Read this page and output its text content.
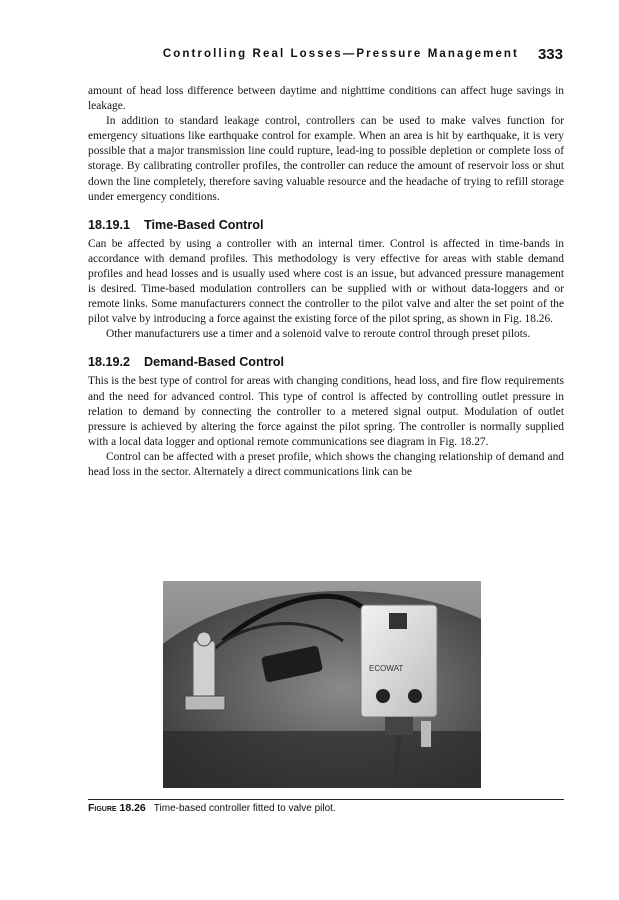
Controlling Real Losses—Pressure Management 333

amount of head loss difference between daytime and nighttime conditions can affect huge savings in leakage.

In addition to standard leakage control, controllers can be used to make valves function for emergency situations like earthquake control for example. When an area is hit by earthquake, it is very possible that a major transmission line could rupture, lead-ing to possible depletion or complete loss of storage. By calibrating controller profiles, the controller can reduce the amount of reservoir loss or shut down the line completely, therefore saving valuable resource and the headache of trying to refill storage under emergency conditions.

18.19.1 Time-Based Control

Can be affected by using a controller with an internal timer. Control is affected in time-bands in accordance with demand profiles. This methodology is very effective for areas with stable demand profiles and head losses and is usually used where cost is an issue, but advanced pressure management is desired. Time-based modulation controllers can be supplied with or without data-loggers and or remote links. Some manufacturers connect the controller to the pilot valve and alter the set point of the pilot valve by introducing a force against the existing force of the pilot spring, as shown in Fig. 18.26.

Other manufacturers use a timer and a solenoid valve to reroute control through preset pilots.

18.19.2 Demand-Based Control

This is the best type of control for areas with changing conditions, head loss, and fire flow requirements and the need for advanced control. This type of control is affected by controlling outlet pressure in relation to demand by connecting the controller to a metered signal output. Modulation of outlet pressure is achieved by altering the force against the pilot spring. The controller is normally supplied with a local data logger and optional remote communications see diagram in Fig. 18.27.

Control can be affected with a preset profile, which shows the changing relationship of demand and head loss in the sector. Alternately a direct communications link can be

ECOWAT
Figure 18.26 Time-based controller fitted to valve pilot.
